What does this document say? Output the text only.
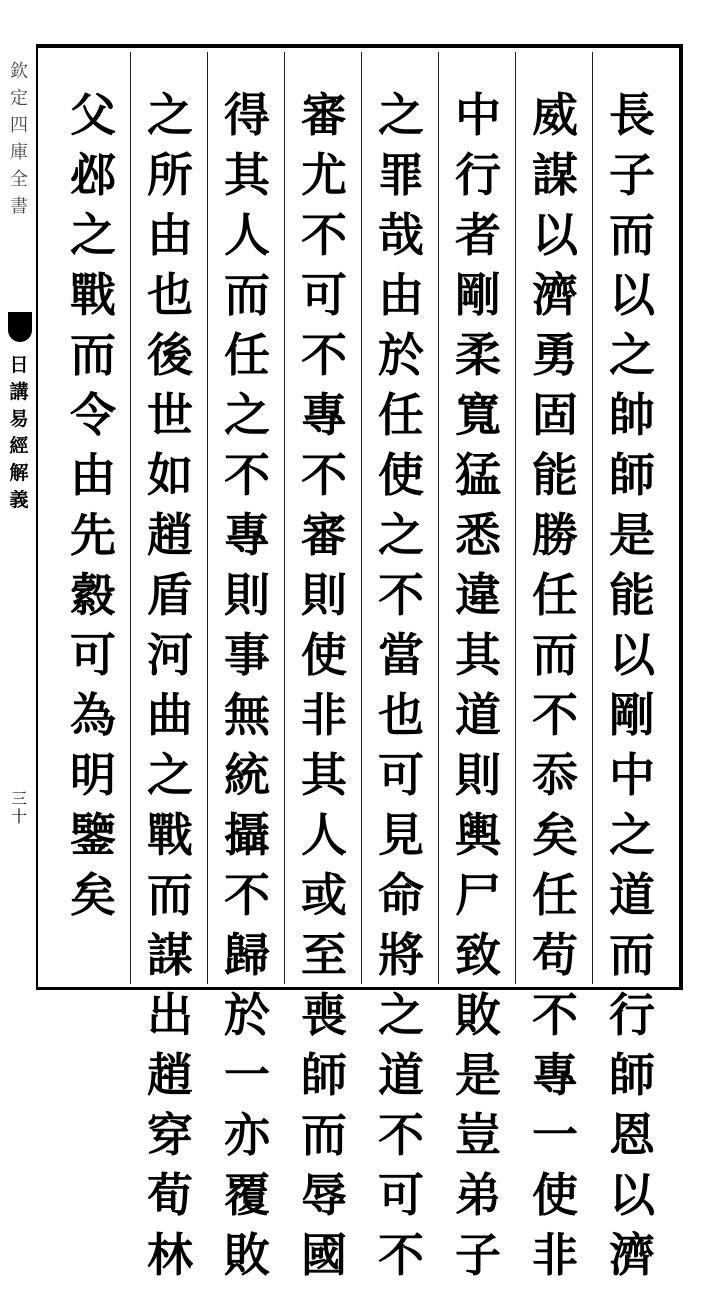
欽定四庫全書
日講易經解義
三十
長
子
而
以
之
帥
師
是
能
以
剛
中
之
道
而
行
師
恩
以
濟
威
謀
以
濟
勇
固
能
勝
任
而
不
忝
矣
任
苟
不
專
一
使
非
中
行
者
剛
柔
寬
猛
悉
違
其
道
則
輿
尸
致
敗
是
豈
弟
子
之
罪
哉
由
於
任
使
之
不
當
也
可
見
命
將
之
道
不
可
不
審
尤
不
可
不
專
不
審
則
使
非
其
人
或
至
喪
師
而
辱
國
得
其
人
而
任
之
不
專
則
事
無
統
攝
不
歸
於
一
亦
覆
敗
之
所
由
也
後
世
如
趙
盾
河
曲
之
戰
而
謀
出
趙
穿
荀
林
父
邲
之
戰
而
令
由
先
縠
可
為
明
鑒
矣
